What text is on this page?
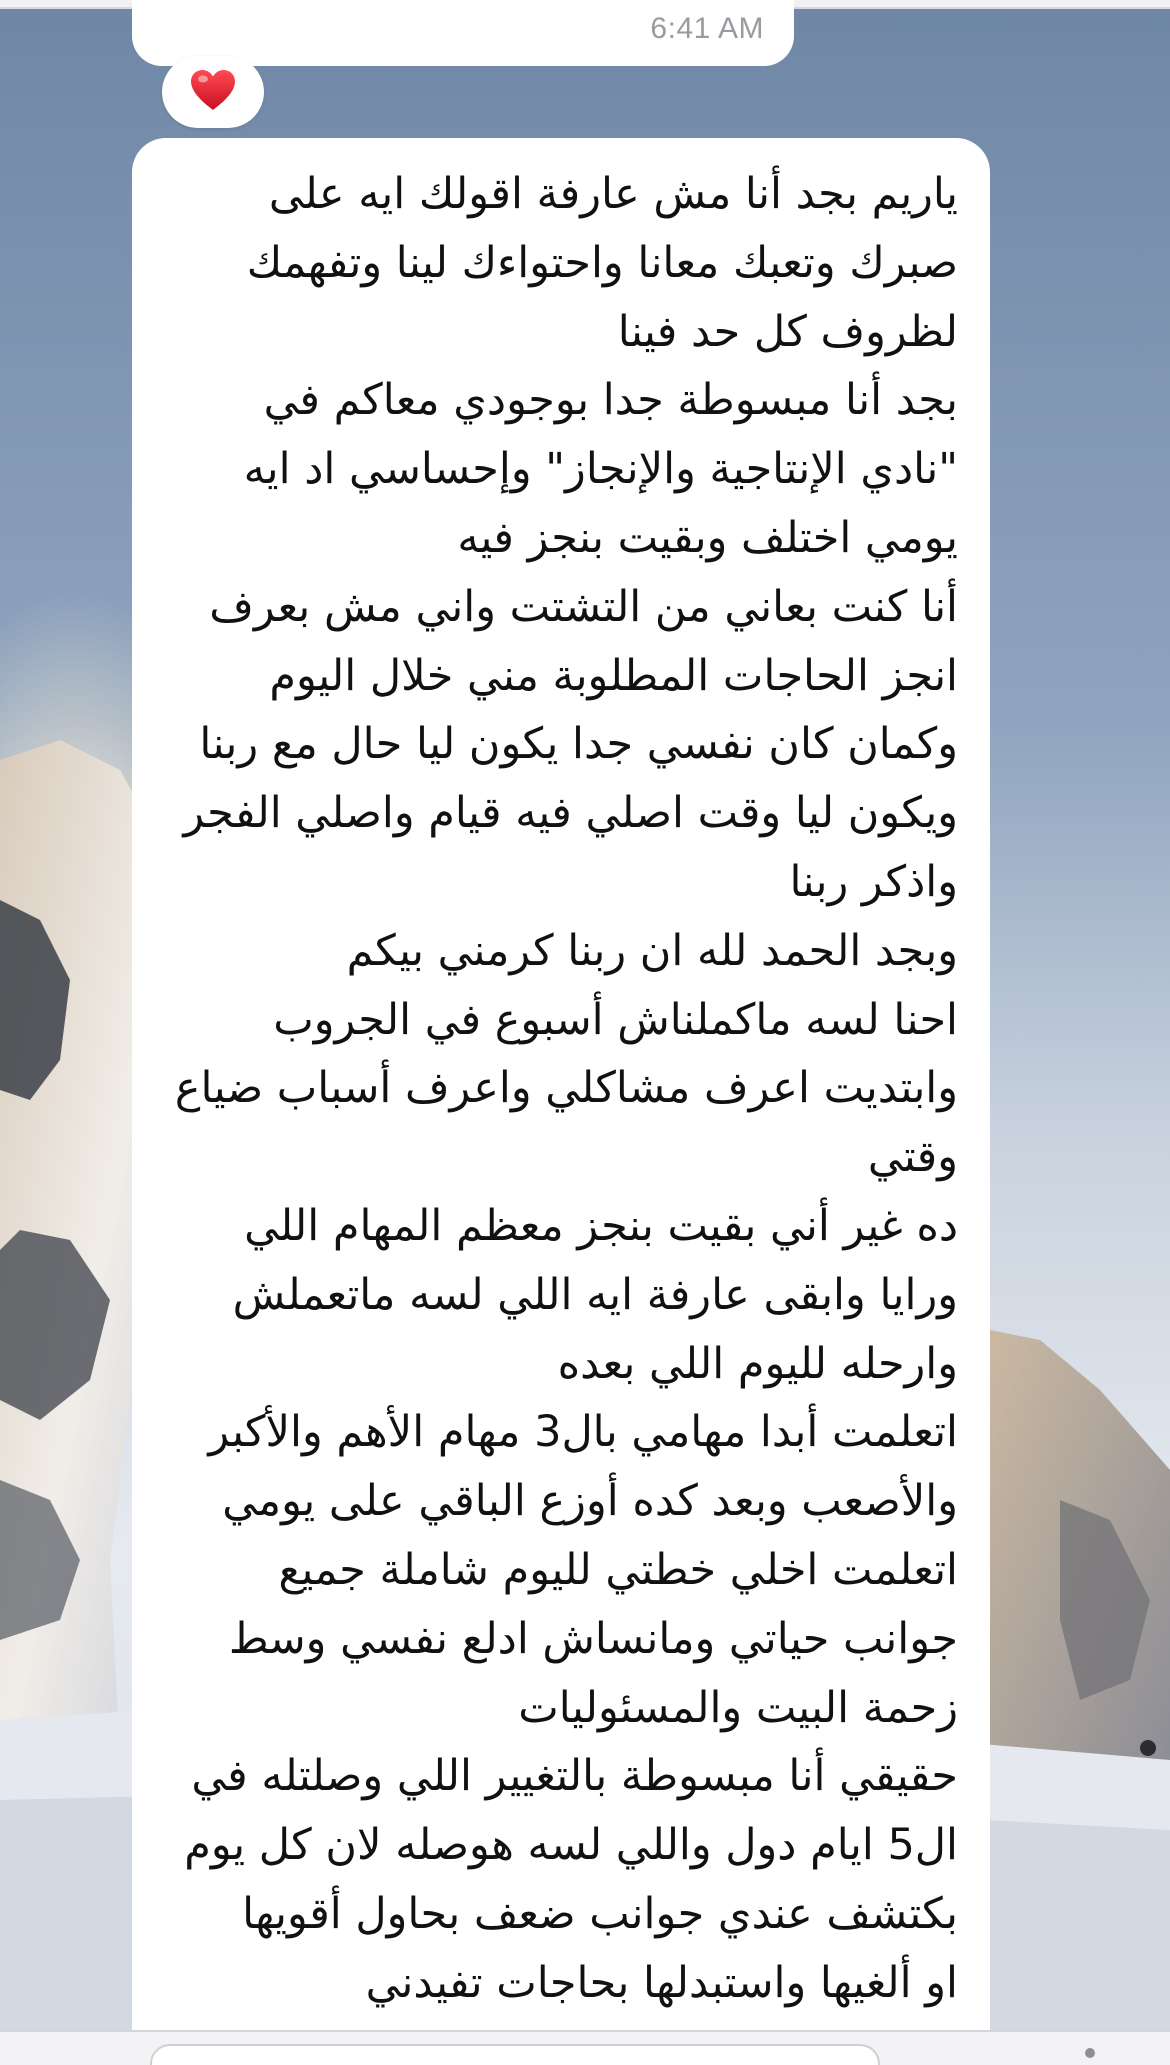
6:41 AM
ياريم بجد أنا مش عارفة اقولك ايه على
صبرك وتعبك معانا واحتواءك لينا وتفهمك
لظروف كل حد فينا
بجد أنا مبسوطة جدا بوجودي معاكم في
"نادي الإنتاجية والإنجاز" وإحساسي اد ايه
يومي اختلف وبقيت بنجز فيه
أنا كنت بعاني من التشتت واني مش بعرف
انجز الحاجات المطلوبة مني خلال اليوم
وكمان كان نفسي جدا يكون ليا حال مع ربنا
ويكون ليا وقت اصلي فيه قيام واصلي الفجر
واذكر ربنا
وبجد الحمد لله ان ربنا كرمني بيكم
احنا لسه ماكملناش أسبوع في الجروب
وابتديت اعرف مشاكلي واعرف أسباب ضياع
وقتي
ده غير أني بقيت بنجز معظم المهام اللي
ورايا وابقى عارفة ايه اللي لسه ماتعملش
وارحله لليوم اللي بعده
اتعلمت أبدا مهامي بال3 مهام الأهم والأكبر
والأصعب وبعد كده أوزع الباقي على يومي
اتعلمت اخلي خطتي لليوم شاملة جميع
جوانب حياتي ومانساش ادلع نفسي وسط
زحمة البيت والمسئوليات
حقيقي أنا مبسوطة بالتغيير اللي وصلتله في
ال5 ايام دول واللي لسه هوصله لان كل يوم
بكتشف عندي جوانب ضعف بحاول أقويها
او ألغيها واستبدلها بحاجات تفيدني
